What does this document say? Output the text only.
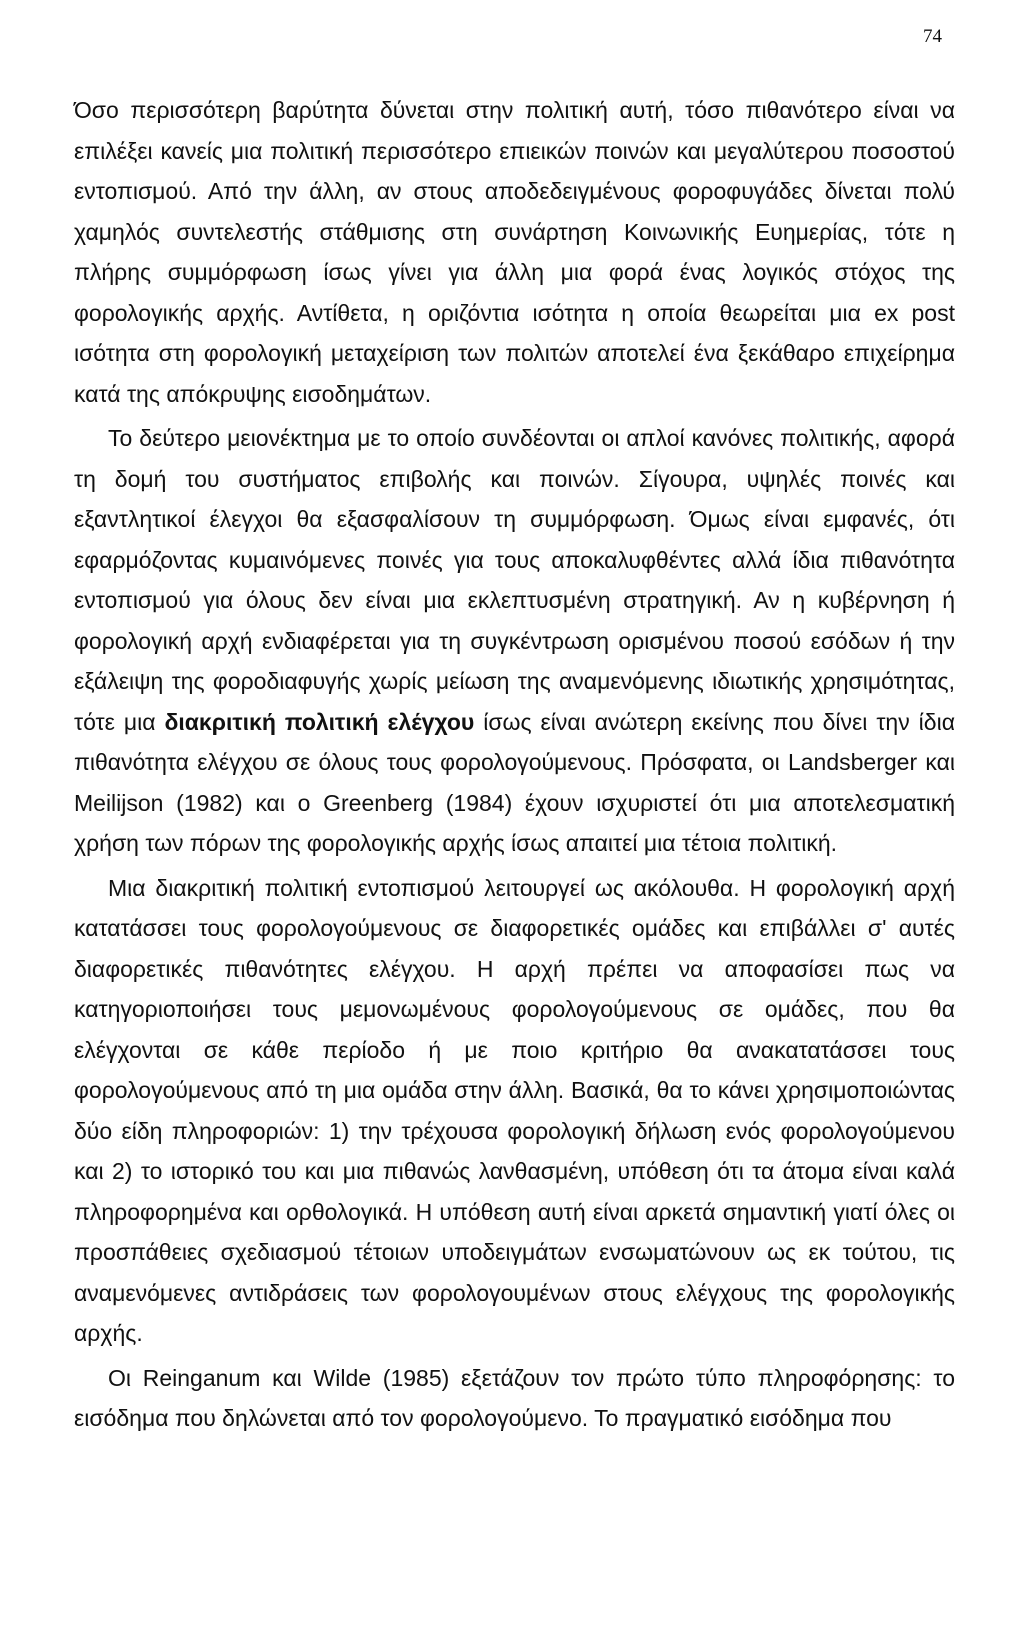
74

Όσο περισσότερη βαρύτητα δύνεται στην πολιτική αυτή, τόσο πιθανότερο είναι να επιλέξει κανείς μια πολιτική περισσότερο επιεικών ποινών και μεγαλύτερου ποσοστού εντοπισμού. Από την άλλη, αν στους αποδεδειγμένους φοροφυγάδες δίνεται πολύ χαμηλός συντελεστής στάθμισης στη συνάρτηση Κοινωνικής Ευημερίας, τότε η πλήρης συμμόρφωση ίσως γίνει για άλλη μια φορά ένας λογικός στόχος της φορολογικής αρχής. Αντίθετα, η οριζόντια ισότητα η οποία θεωρείται μια ex post ισότητα στη φορολογική μεταχείριση των πολιτών αποτελεί ένα ξεκάθαρο επιχείρημα κατά της απόκρυψης εισοδημάτων.

Το δεύτερο μειονέκτημα με το οποίο συνδέονται οι απλοί κανόνες πολιτικής, αφορά τη δομή του συστήματος επιβολής και ποινών. Σίγουρα, υψηλές ποινές και εξαντλητικοί έλεγχοι θα εξασφαλίσουν τη συμμόρφωση. Όμως είναι εμφανές, ότι εφαρμόζοντας κυμαινόμενες ποινές για τους αποκαλυφθέντες αλλά ίδια πιθανότητα εντοπισμού για όλους δεν είναι μια εκλεπτυσμένη στρατηγική. Αν η κυβέρνηση ή φορολογική αρχή ενδιαφέρεται για τη συγκέντρωση ορισμένου ποσού εσόδων ή την εξάλειψη της φοροδιαφυγής χωρίς μείωση της αναμενόμενης ιδιωτικής χρησιμότητας, τότε μια διακριτική πολιτική ελέγχου ίσως είναι ανώτερη εκείνης που δίνει την ίδια πιθανότητα ελέγχου σε όλους τους φορολογούμενους. Πρόσφατα, οι Landsberger και Meilijson (1982) και ο Greenberg (1984) έχουν ισχυριστεί ότι μια αποτελεσματική χρήση των πόρων της φορολογικής αρχής ίσως απαιτεί μια τέτοια πολιτική.

Μια διακριτική πολιτική εντοπισμού λειτουργεί ως ακόλουθα. Η φορολογική αρχή κατατάσσει τους φορολογούμενους σε διαφορετικές ομάδες και επιβάλλει σ' αυτές διαφορετικές πιθανότητες ελέγχου. Η αρχή πρέπει να αποφασίσει πως να κατηγοριοποιήσει τους μεμονωμένους φορολογούμενους σε ομάδες, που θα ελέγχονται σε κάθε περίοδο ή με ποιο κριτήριο θα ανακατατάσσει τους φορολογούμενους από τη μια ομάδα στην άλλη. Βασικά, θα το κάνει χρησιμοποιώντας δύο είδη πληροφοριών: 1) την τρέχουσα φορολογική δήλωση ενός φορολογούμενου και 2) το ιστορικό του και μια πιθανώς λανθασμένη, υπόθεση ότι τα άτομα είναι καλά πληροφορημένα και ορθολογικά. Η υπόθεση αυτή είναι αρκετά σημαντική γιατί όλες οι προσπάθειες σχεδιασμού τέτοιων υποδειγμάτων ενσωματώνουν ως εκ τούτου, τις αναμενόμενες αντιδράσεις των φορολογουμένων στους ελέγχους της φορολογικής αρχής.

Οι Reinganum και Wilde (1985) εξετάζουν τον πρώτο τύπο πληροφόρησης: το εισόδημα που δηλώνεται από τον φορολογούμενο. Το πραγματικό εισόδημα που
